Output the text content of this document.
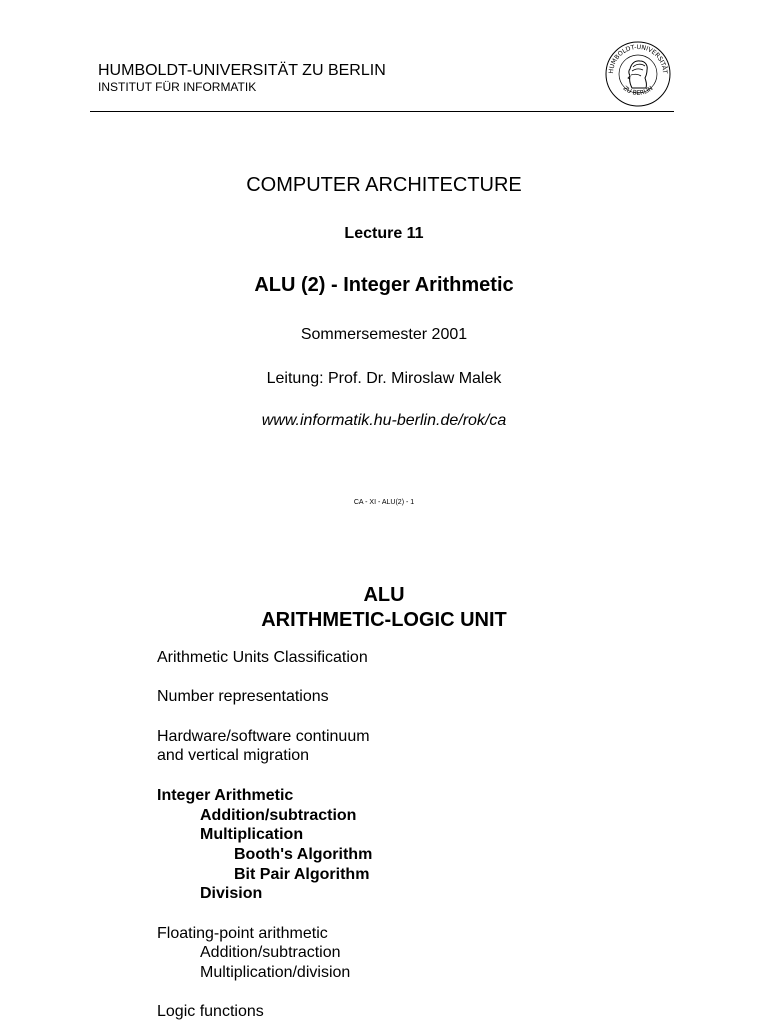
HUMBOLDT-UNIVERSITÄT ZU BERLIN
INSTITUT FÜR INFORMATIK
HUMBOLDT-UNIVERSITÄT
ZU BERLIN
COMPUTER ARCHITECTURE
Lecture 11
ALU (2) - Integer Arithmetic
Sommersemester 2001
Leitung: Prof. Dr. Miroslaw Malek
www.informatik.hu-berlin.de/rok/ca
CA - XI - ALU(2) - 1
ALU
ARITHMETIC-LOGIC UNIT
Arithmetic Units Classification
Number representations
Hardware/software continuum
and vertical migration
Integer Arithmetic
Addition/subtraction
Multiplication
Booth's Algorithm
Bit Pair Algorithm
Division
Floating-point arithmetic
Addition/subtraction
Multiplication/division
Logic functions
